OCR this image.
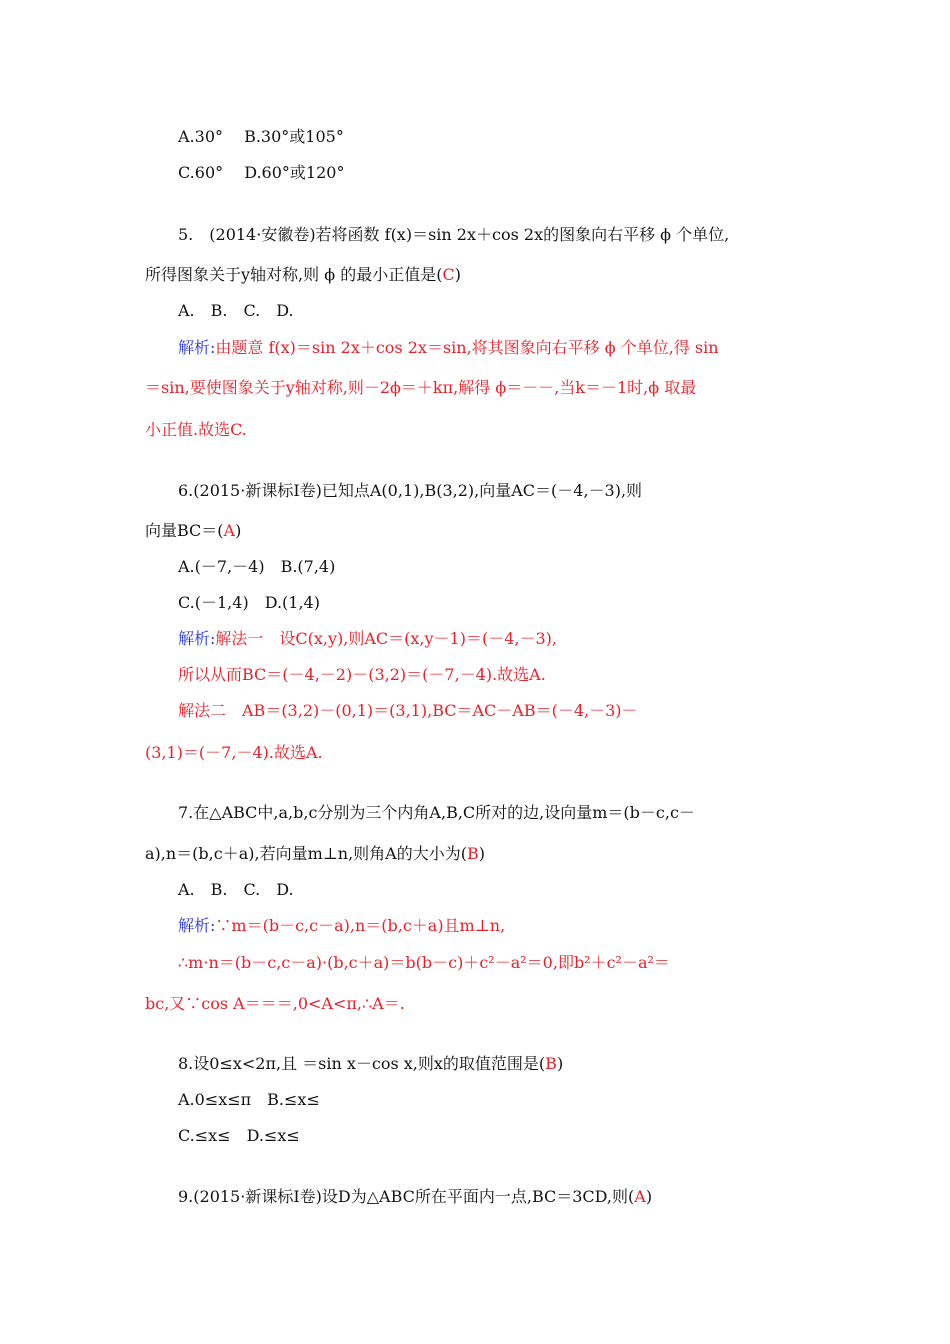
A.30°　 B.30°或105°
C.60°　 D.60°或120°
5.　(2014·安徽卷)若将函数 f(x)＝sin 2x＋cos 2x的图象向右平移 ϕ 个单位,
所得图象关于y轴对称,则 ϕ 的最小正值是(C)
A.　B.　C.　D.
解析:由题意 f(x)＝sin 2x＋cos 2x＝sin,将其图象向右平移 ϕ 个单位,得 sin
＝sin,要使图象关于y轴对称,则－2ϕ＝＋kπ,解得 ϕ＝－－,当k＝－1时,ϕ 取最
小正值.故选C.
6.(2015·新课标Ⅰ卷)已知点A(0,1),B(3,2),向量AC＝(－4,－3),则
向量BC＝(A)
A.(－7,－4)　B.(7,4)
C.(－1,4)　D.(1,4)
解析:解法一　设C(x,y),则AC＝(x,y－1)＝(－4,－3),
所以从而BC＝(－4,－2)－(3,2)＝(－7,－4).故选A.
解法二　AB＝(3,2)－(0,1)＝(3,1),BC＝AC－AB＝(－4,－3)－
(3,1)＝(－7,－4).故选A.
7.在△ABC中,a,b,c分别为三个内角A,B,C所对的边,设向量m＝(b－c,c－
a),n＝(b,c＋a),若向量m⊥n,则角A的大小为(B)
A.　B.　C.　D.
解析:∵m＝(b－c,c－a),n＝(b,c＋a)且m⊥n,
∴m·n＝(b－c,c－a)·(b,c＋a)＝b(b－c)＋c²－a²＝0,即b²＋c²－a²＝
bc,又∵cos A＝＝＝,0<A<π,∴A＝.
8.设0≤x<2π,且 ＝sin x－cos x,则x的取值范围是(B)
A.0≤x≤π　B.≤x≤
C.≤x≤　D.≤x≤
9.(2015·新课标Ⅰ卷)设D为△ABC所在平面内一点,BC＝3CD,则(A)
